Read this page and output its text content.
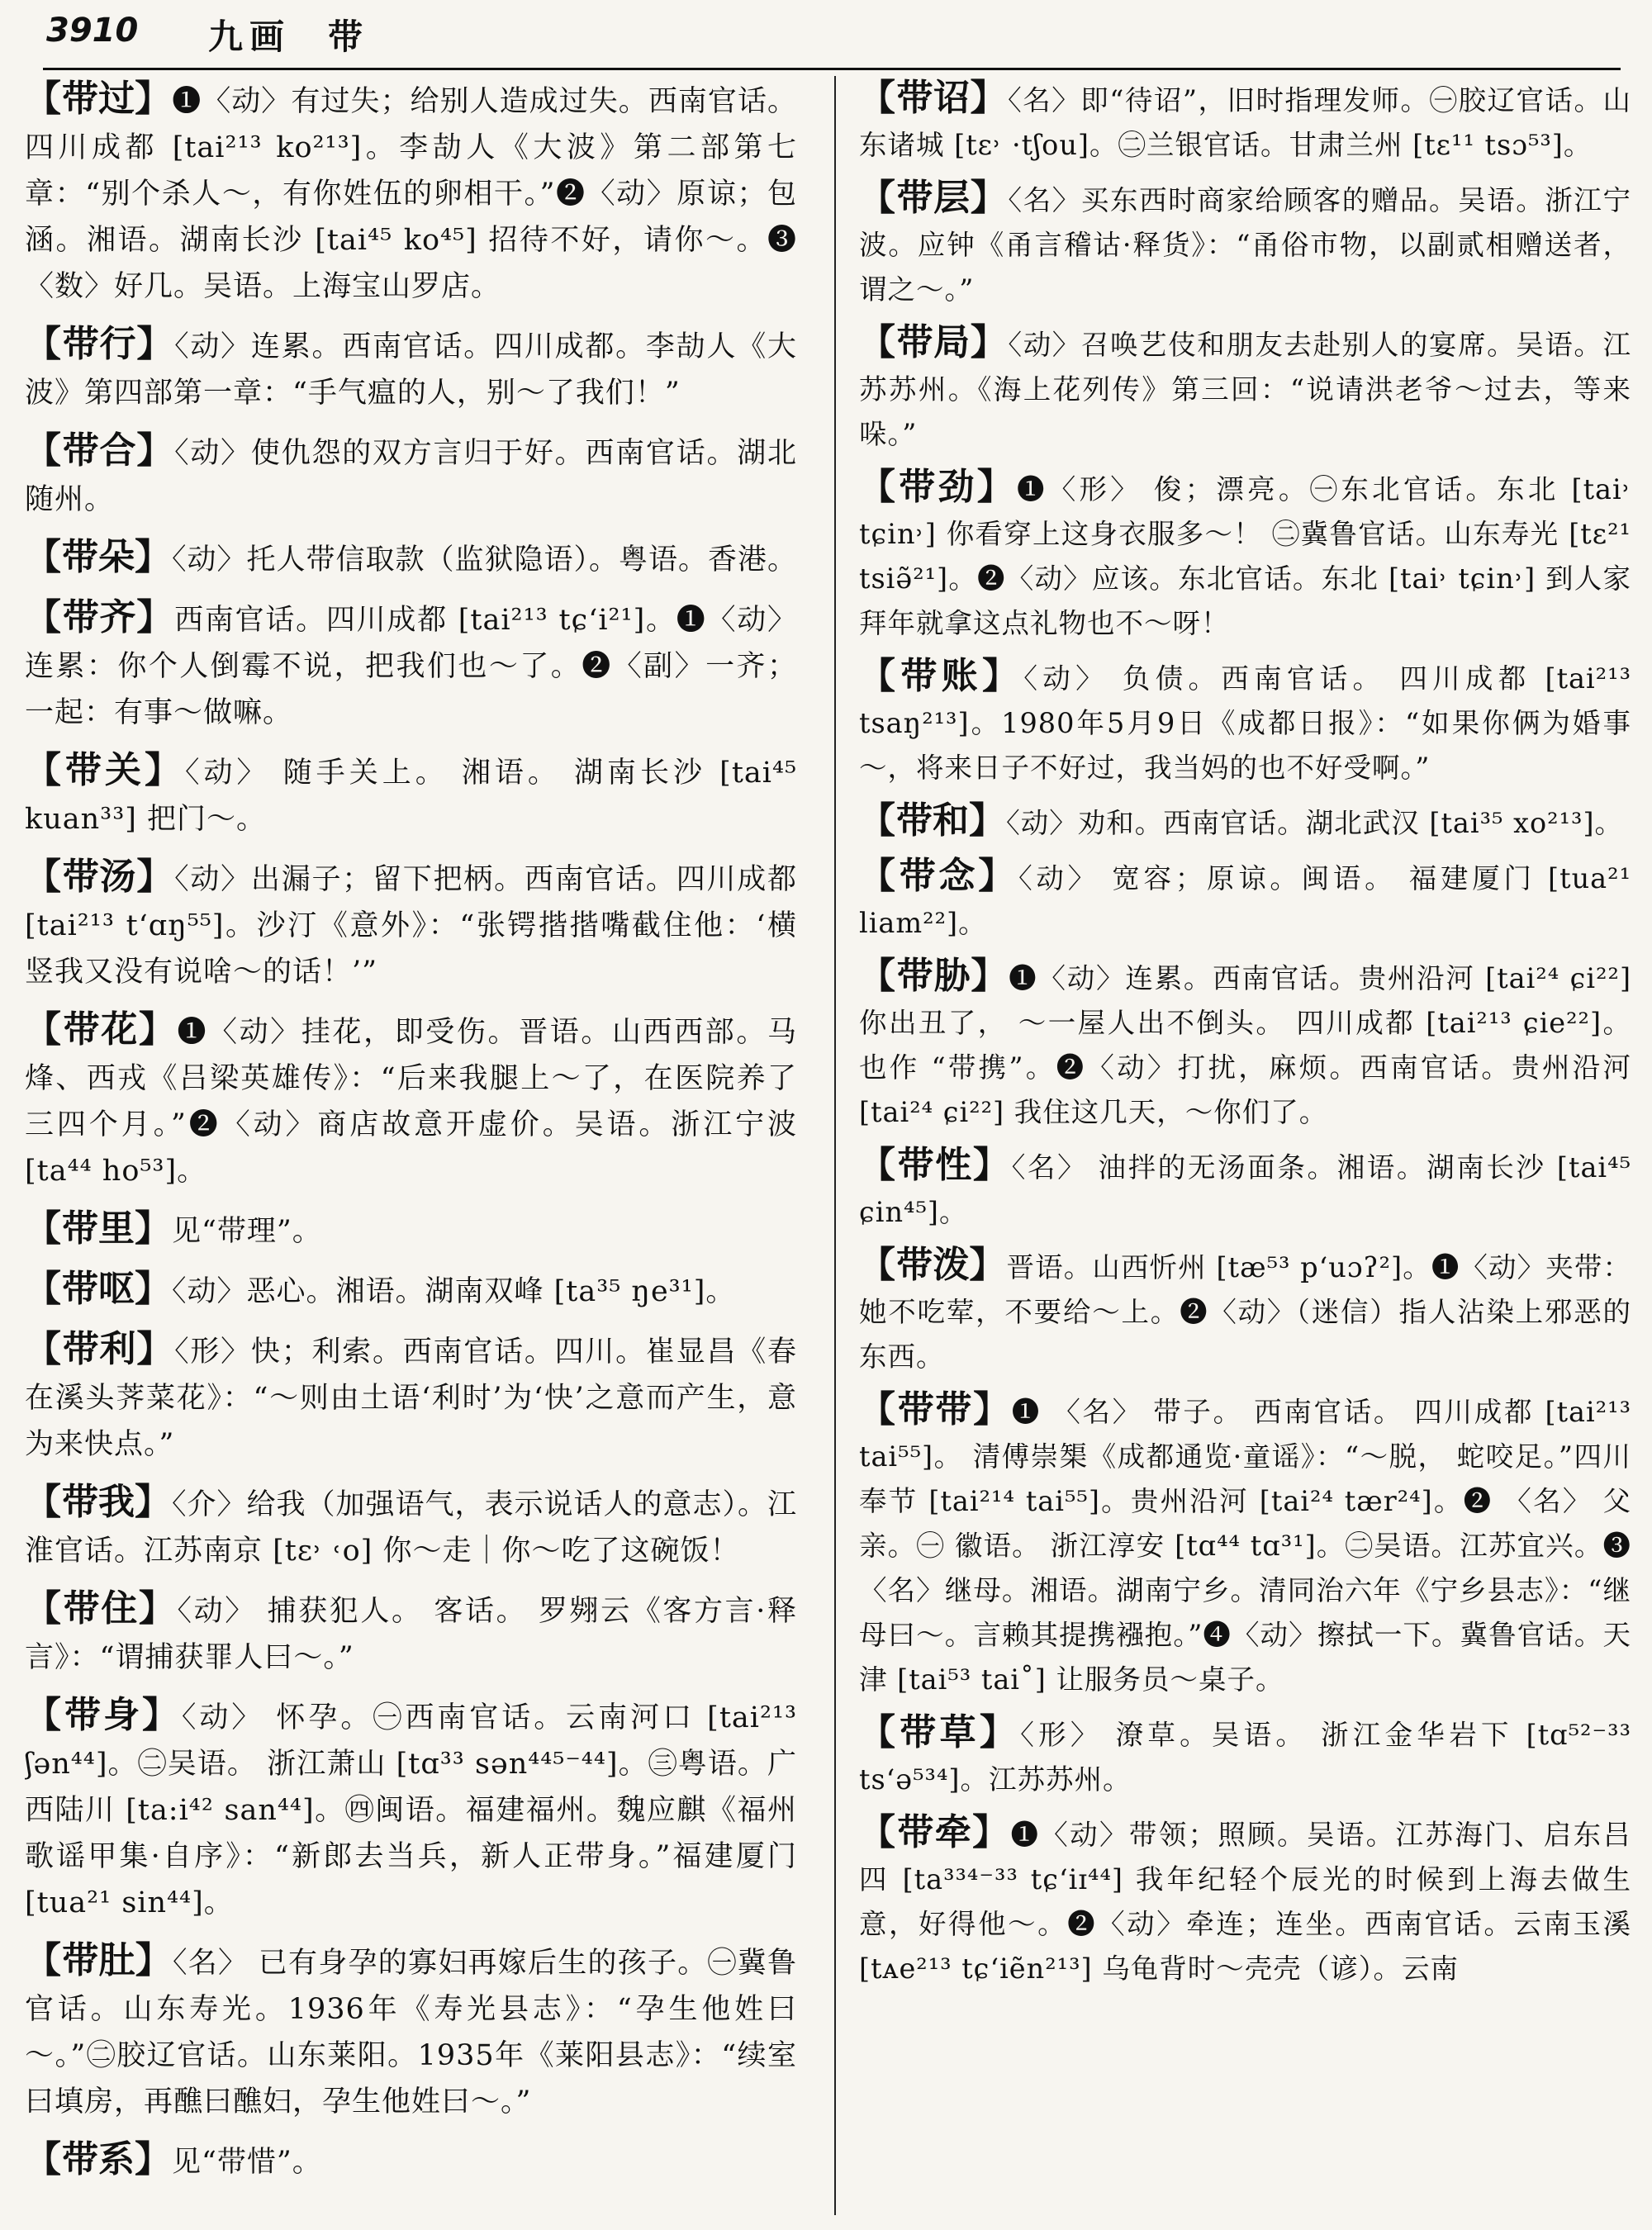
3910 九画 带

【带过】❶〈动〉有过失；给别人造成过失。西南官话。四川成都 [tai²¹³ ko²¹³]。李劼人《大波》第二部第七章：“别个杀人～，有你姓伍的卵相干。”❷〈动〉原谅；包涵。湘语。湖南长沙 [tai⁴⁵ ko⁴⁵] 招待不好，请你～。❸〈数〉好几。吴语。上海宝山罗店。

【带行】〈动〉连累。西南官话。四川成都。李劼人《大波》第四部第一章：“手气瘟的人，别～了我们！”

【带合】〈动〉使仇怨的双方言归于好。西南官话。湖北随州。

【带朵】〈动〉托人带信取款（监狱隐语）。粤语。香港。

【带齐】西南官话。四川成都 [tai²¹³ tɕʻi²¹]。❶〈动〉连累：你个人倒霉不说，把我们也～了。❷〈副〉一齐；一起：有事～做嘛。

【带关】〈动〉 随手关上。 湘语。 湖南长沙 [tai⁴⁵ kuan³³] 把门～。

【带汤】〈动〉出漏子；留下把柄。西南官话。四川成都 [tai²¹³ tʻɑŋ⁵⁵]。沙汀《意外》：“张锷揩揩嘴截住他：‘横竖我又没有说啥～的话！’”

【带花】❶〈动〉挂花，即受伤。晋语。山西西部。马烽、西戎《吕梁英雄传》：“后来我腿上～了，在医院养了三四个月。”❷〈动〉商店故意开虚价。吴语。浙江宁波 [ta⁴⁴ ho⁵³]。

【带里】见“带理”。

【带呕】〈动〉恶心。湘语。湖南双峰 [ta³⁵ ŋe³¹]。

【带利】〈形〉快；利索。西南官话。四川。崔显昌《春在溪头荠菜花》：“～则由土语‘利时’为‘快’之意而产生，意为来快点。”

【带我】〈介〉给我（加强语气，表示说话人的意志）。江淮官话。江苏南京 [tɛ˒ ˓o] 你～走｜你～吃了这碗饭！

【带住】〈动〉 捕获犯人。 客话。 罗翙云《客方言·释言》：“谓捕获罪人曰～。”

【带身】〈动〉 怀孕。㊀西南官话。云南河口 [tai²¹³ ʃən⁴⁴]。㊁吴语。 浙江萧山 [tɑ³³ sən⁴⁴⁵⁻⁴⁴]。㊂粤语。广西陆川 [ta:i⁴² san⁴⁴]。㊃闽语。福建福州。魏应麒《福州歌谣甲集·自序》：“新郎去当兵，新人正带身。”福建厦门 [tua²¹ sin⁴⁴]。

【带肚】〈名〉 已有身孕的寡妇再嫁后生的孩子。㊀冀鲁官话。山东寿光。1936年《寿光县志》：“孕生他姓曰～。”㊁胶辽官话。山东莱阳。1935年《莱阳县志》：“续室曰填房，再醮曰醮妇，孕生他姓曰～。”

【带系】见“带惜”。

【带诏】〈名〉即“待诏”，旧时指理发师。㊀胶辽官话。山东诸城 [tɛ˒ ·tʃou]。㊁兰银官话。甘肃兰州 [tɛ¹¹ tsɔ⁵³]。

【带层】〈名〉买东西时商家给顾客的赠品。吴语。浙江宁波。应钟《甬言稽诂·释货》：“甬俗市物，以副贰相赠送者，谓之～。”

【带局】〈动〉召唤艺伎和朋友去赴别人的宴席。吴语。江苏苏州。《海上花列传》第三回：“说请洪老爷～过去，等来哚。”

【带劲】❶〈形〉 俊；漂亮。㊀东北官话。东北 [tai˒ tɕin˒] 你看穿上这身衣服多～！ ㊁冀鲁官话。山东寿光 [tɛ²¹ tsiə̃²¹]。❷〈动〉应该。东北官话。东北 [tai˒ tɕin˒] 到人家拜年就拿这点礼物也不～呀！

【带账】〈动〉 负债。西南官话。 四川成都 [tai²¹³ tsaŋ²¹³]。1980年5月9日《成都日报》：“如果你俩为婚事～，将来日子不好过，我当妈的也不好受啊。”

【带和】〈动〉劝和。西南官话。湖北武汉 [tai³⁵ xo²¹³]。

【带念】〈动〉 宽容；原谅。闽语。 福建厦门 [tua²¹ liam²²]。

【带胁】❶〈动〉连累。西南官话。贵州沿河 [tai²⁴ ɕi²²] 你出丑了， ～一屋人出不倒头。 四川成都 [tai²¹³ ɕie²²]。 也作 “带携”。❷〈动〉打扰，麻烦。西南官话。贵州沿河 [tai²⁴ ɕi²²] 我住这几天，～你们了。

【带性】〈名〉 油拌的无汤面条。湘语。湖南长沙 [tai⁴⁵ ɕin⁴⁵]。

【带泼】晋语。山西忻州 [tæ⁵³ pʻuɔʔ²]。❶〈动〉夹带：她不吃荤，不要给～上。❷〈动〉（迷信）指人沾染上邪恶的东西。

【带带】❶ 〈名〉 带子。 西南官话。 四川成都 [tai²¹³ tai⁵⁵]。 清傅崇榘《成都通览·童谣》：“～脱， 蛇咬足。”四川奉节 [tai²¹⁴ tai⁵⁵]。贵州沿河 [tai²⁴ tær²⁴]。❷ 〈名〉 父亲。㊀ 徽语。 浙江淳安 [tɑ⁴⁴ tɑ³¹]。㊁吴语。江苏宜兴。❸〈名〉继母。湘语。湖南宁乡。清同治六年《宁乡县志》：“继母曰～。言赖其提携襁抱。”❹〈动〉擦拭一下。冀鲁官话。天津 [tai⁵³ tai˚] 让服务员～桌子。

【带草】〈形〉 潦草。吴语。 浙江金华岩下 [tɑ⁵²⁻³³ tsʻə⁵³⁴]。江苏苏州。

【带牵】❶〈动〉带领；照顾。吴语。江苏海门、启东吕四 [ta³³⁴⁻³³ tɕʻiɪ⁴⁴] 我年纪轻个辰光的时候到上海去做生意，好得他～。❷〈动〉牵连；连坐。西南官话。云南玉溪 [tᴀe²¹³ tɕʻiẽn²¹³] 乌龟背时～壳壳（谚）。云南
